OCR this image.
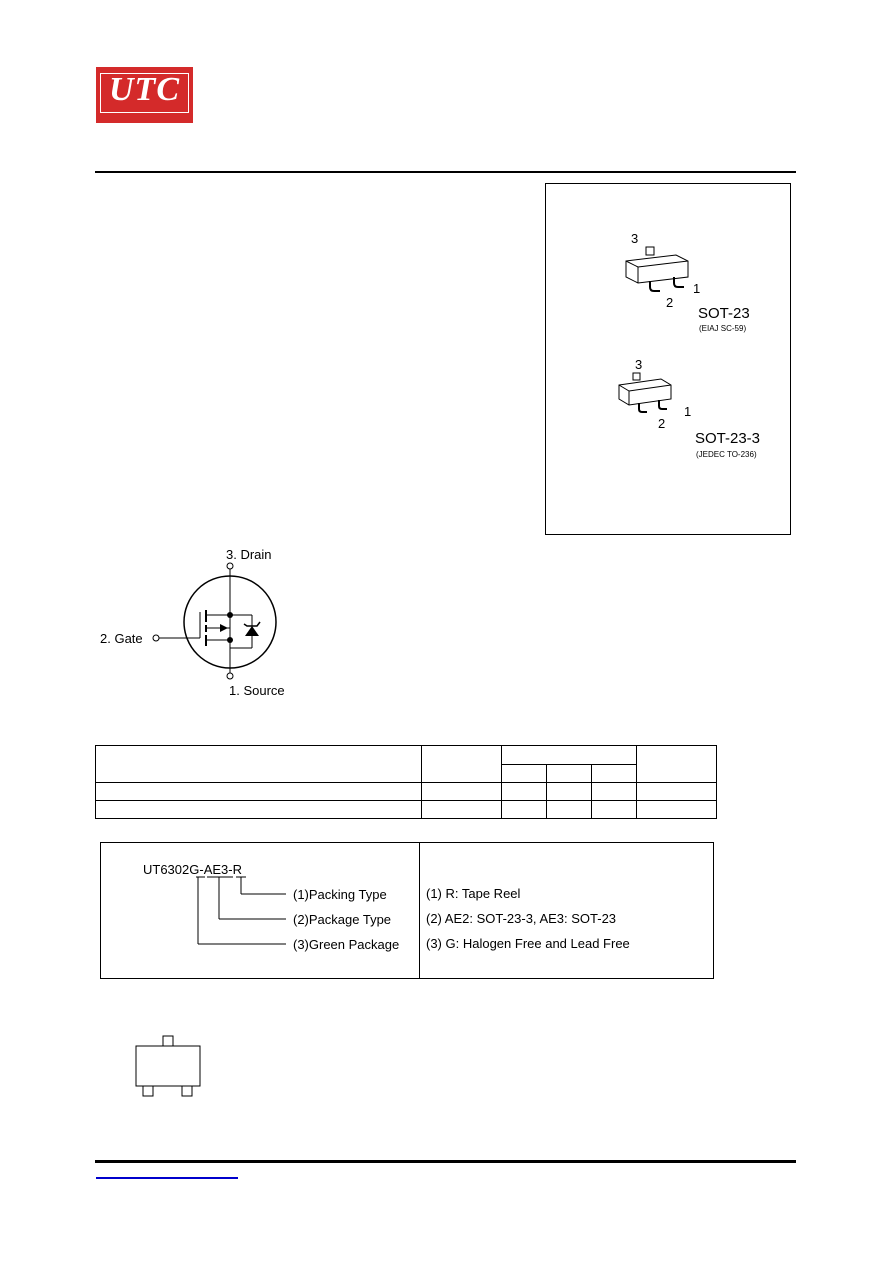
UTC
3
2
1
SOT-23
(EIAJ SC-59)
3
2
1
SOT-23-3
(JEDEC TO-236)
3. Drain
2. Gate
1. Source

UT6302G-AE3-R
(1)Packing Type
(2)Package Type
(3)Green Package
(1) R: Tape Reel
(2) AE2: SOT-23-3, AE3: SOT-23
(3) G: Halogen Free and Lead Free
